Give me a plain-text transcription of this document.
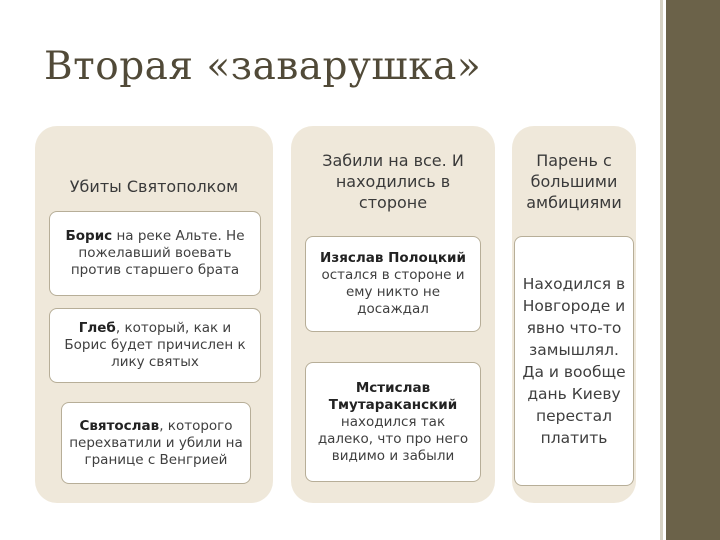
Вторая «заварушка»
Убиты Святополком
Борис на реке Альте. Не пожелавший воевать против старшего брата
Глеб, который, как и Борис будет причислен к лику святых
Святослав, которого перехватили и убили на границе с Венгрией
Забили на все. И находились в стороне
Изяслав Полоцкий остался в стороне и ему никто не досаждал
Мстислав Тмутараканский находился так далеко, что про него видимо и забыли
Парень с большими амбициями
Находился в Новгороде и явно что-то замышлял. Да и вообще дань Киеву перестал платить
